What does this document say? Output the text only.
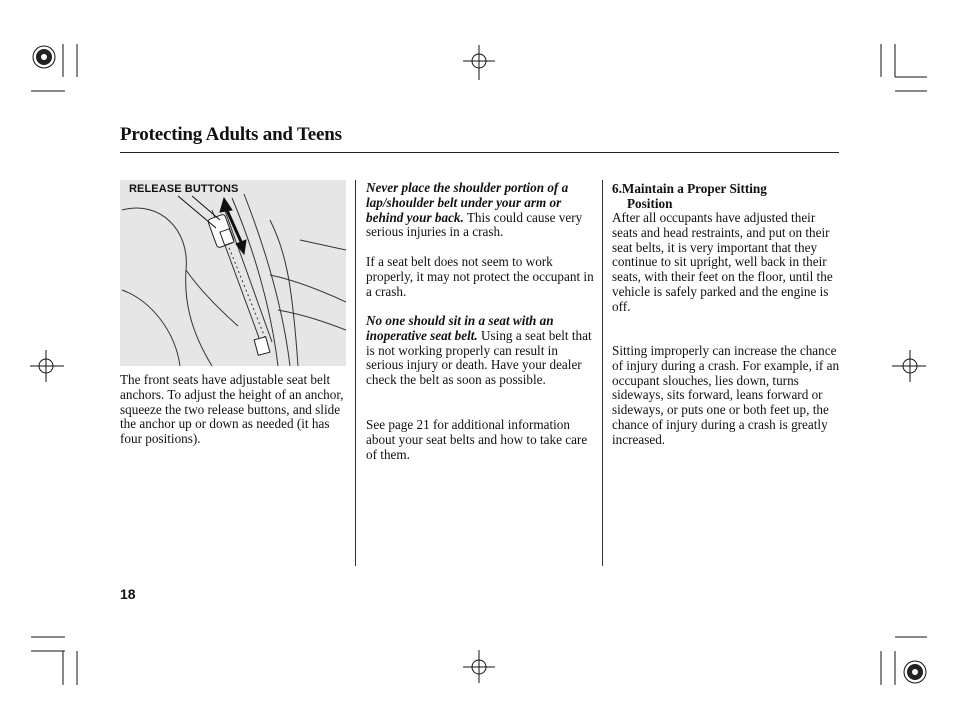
Protecting Adults and Teens
RELEASE BUTTONS
The front seats have adjustable seat belt anchors. To adjust the height of an anchor, squeeze the two release buttons, and slide the anchor up or down as needed (it has four positions).
Never place the shoulder portion of a lap/shoulder belt under your arm or behind your back. This could cause very serious injuries in a crash.
If a seat belt does not seem to work properly, it may not protect the occupant in a crash.
No one should sit in a seat with an inoperative seat belt. Using a seat belt that is not working properly can result in serious injury or death. Have your dealer check the belt as soon as possible.
See page 21 for additional information about your seat belts and how to take care of them.
6.Maintain a Proper Sitting
Position
After all occupants have adjusted their seats and head restraints, and put on their seat belts, it is very important that they continue to sit upright, well back in their seats, with their feet on the floor, until the vehicle is safely parked and the engine is off.
Sitting improperly can increase the chance of injury during a crash. For example, if an occupant slouches, lies down, turns sideways, sits forward, leans forward or sideways, or puts one or both feet up, the chance of injury during a crash is greatly increased.
18
